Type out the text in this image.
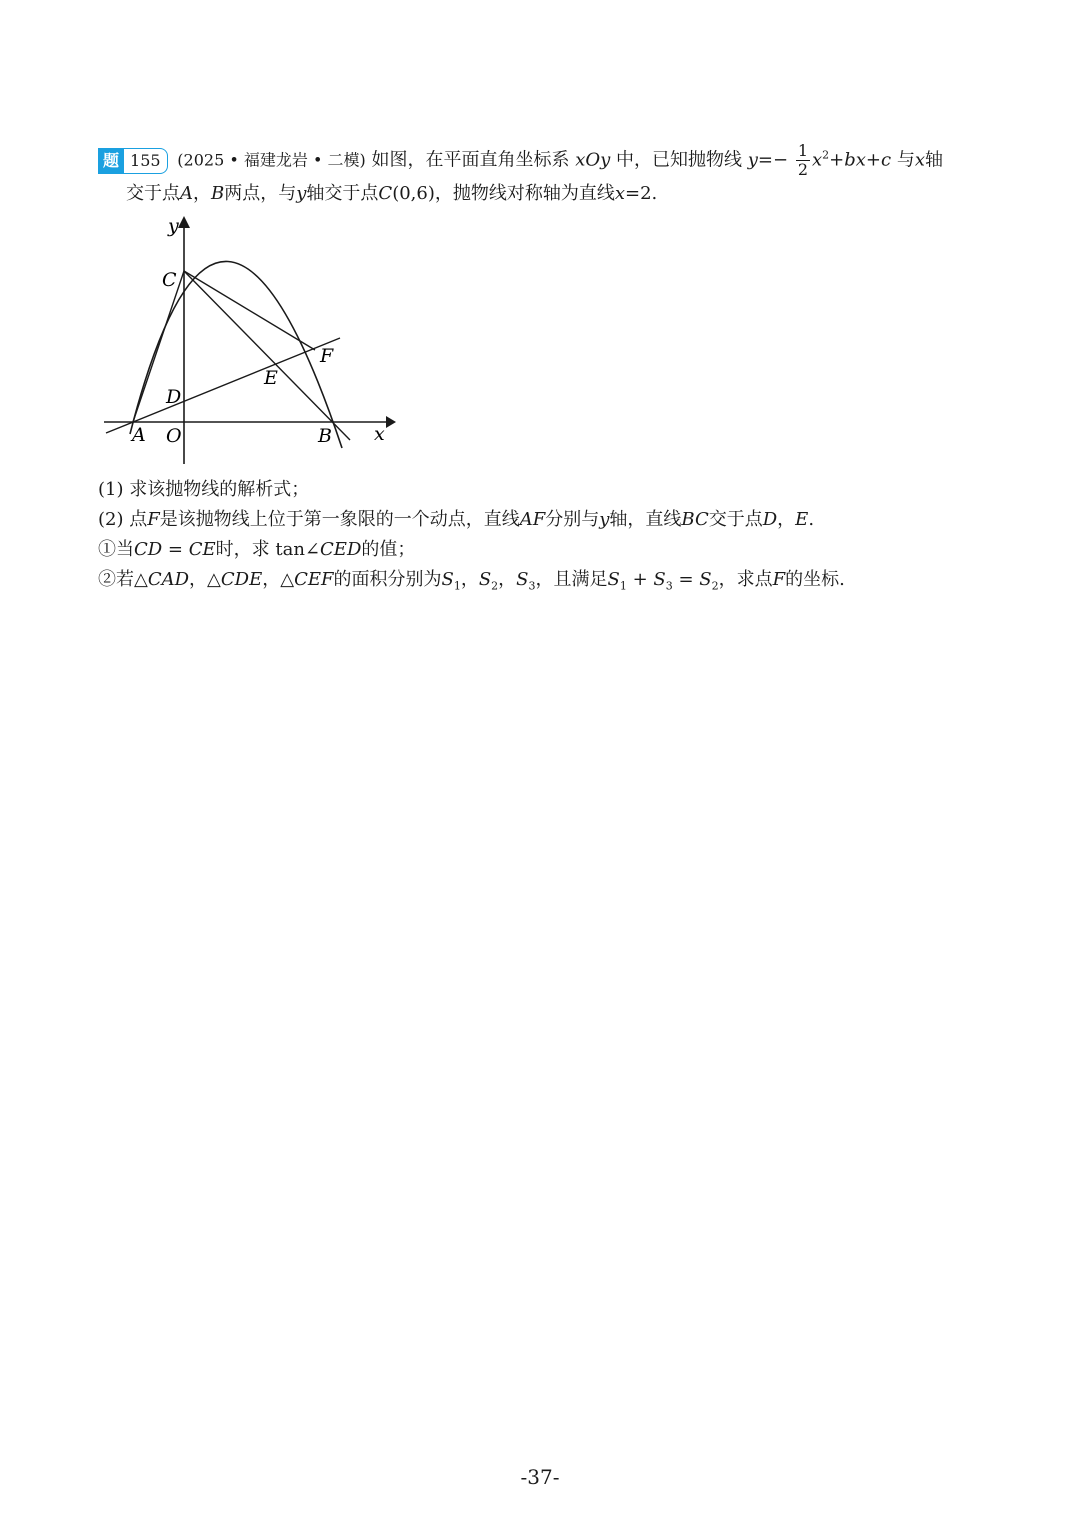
题 155	(2025 • 福建龙岩 • 二模) 如图，在平面直角坐标系 xOy 中，已知抛物线 $y=- \frac{1}{2} x^2+bx+c$ 与x轴
交于点A，B两点，与y轴交于点C(0,6)，抛物线对称轴为直线x=2.
y
x
C
F
E
D
A O	B
(1) 求该抛物线的解析式；
(2) 点F是该抛物线上位于第一象限的一个动点，直线AF分别与y轴，直线BC交于点D，E.
①当CD = CE时，求 tan∠CED的值；
②若△CAD，△CDE，△CEF的面积分别为$S_1$，$S_2$，$S_3$，且满足$S_1 + S_3 = S_2$，求点F的坐标.
-37-
